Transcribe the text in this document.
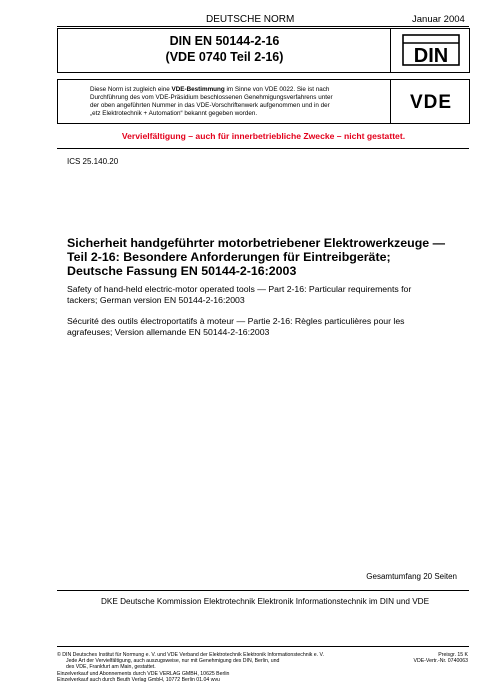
DEUTSCHE NORM	Januar 2004
DIN EN 50144-2-16
(VDE 0740 Teil 2-16)	DIN
Diese Norm ist zugleich eine VDE-Bestimmung im Sinne von VDE 0022. Sie ist nach
Durchführung des vom VDE-Präsidium beschlossenen Genehmigungsverfahrens unter
der oben angeführten Nummer in das VDE-Vorschriftenwerk aufgenommen und in der
„etz Elektrotechnik + Automation“ bekannt gegeben worden.
VDE
Vervielfältigung – auch für innerbetriebliche Zwecke – nicht gestattet.
ICS 25.140.20
Sicherheit handgeführter motorbetriebener Elektrowerkzeuge —
Teil 2-16: Besondere Anforderungen für Eintreibgeräte;
Deutsche Fassung EN 50144-2-16:2003
Safety of hand-held electric-motor operated tools — Part 2-16: Particular requirements for
tackers; German version EN 50144-2-16:2003
Sécurité des outils électroportatifs à moteur — Partie 2-16: Règles particulières pour les
agrafeuses; Version allemande EN 50144-2-16:2003
Gesamtumfang 20 Seiten
DKE Deutsche Kommission Elektrotechnik Elektronik Informationstechnik im DIN und VDE
© DIN Deutsches Institut für Normung e. V. und VDE Verband der Elektrotechnik Elektronik Informationstechnik e. V.

Jede Art der Vervielfältigung, auch auszugsweise, nur mit Genehmigung des DIN, Berlin, und
des VDE, Frankfurt am Main, gestattet.
Einzelverkauf und Abonnements durch VDE VERLAG GMBH, 10625 Berlin
Einzelverkauf auch durch Beuth Verlag GmbH, 10772 Berlin 01.04 wvu
Preisgr. 15 K
VDE-Vertr.-Nr. 0740063
